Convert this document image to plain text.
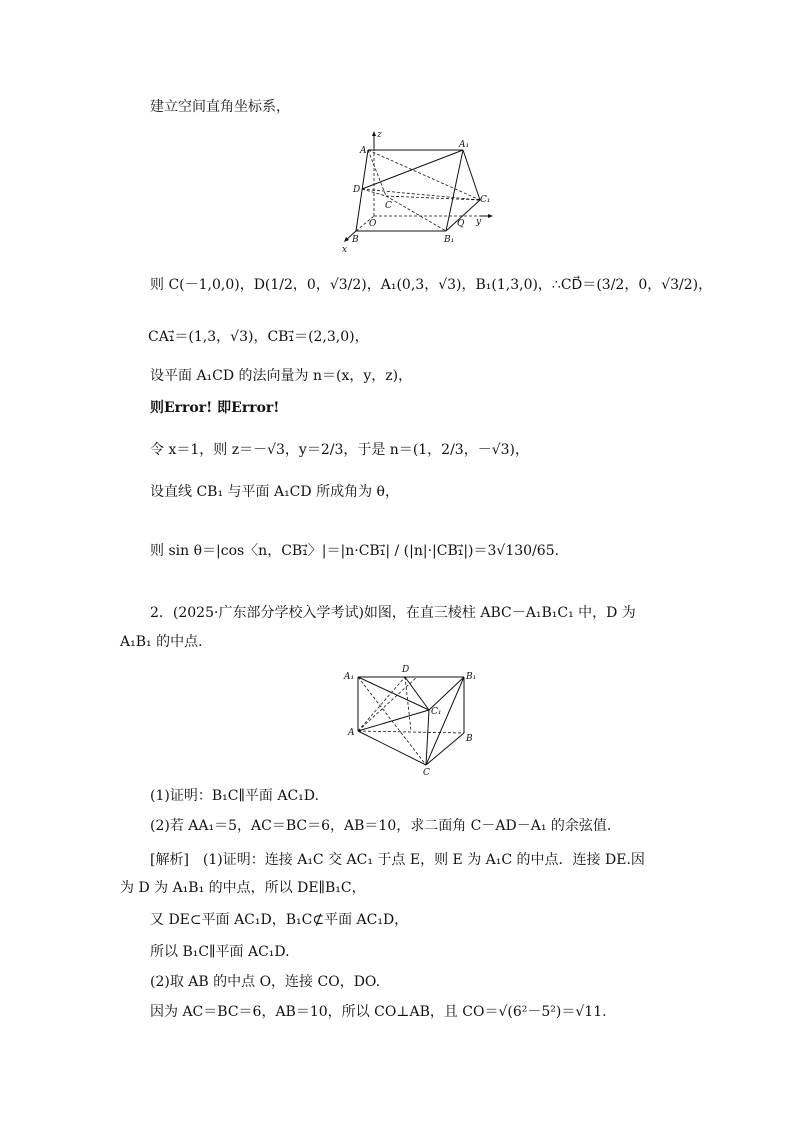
建立空间直角坐标系，
z
A
A₁
D
C
C₁
O	Q y
B	B₁
x
则 C(－1,0,0)，D(1/2，0，√3/2)，A₁(0,3，√3)，B₁(1,3,0)，∴CD⃗＝(3/2，0，√3/2)，
CA₁⃗＝(1,3，√3)，CB₁⃗＝(2,3,0)，
设平面 A₁CD 的法向量为 n＝(x，y，z)，
则Error! 即Error!
令 x＝1，则 z＝－√3，y＝2/3，于是 n＝(1，2/3，－√3)，
设直线 CB₁ 与平面 A₁CD 所成角为 θ，
则 sin θ＝|cos〈n，CB₁⃗〉|＝|n·CB₁⃗| / (|n|·|CB₁⃗|)＝3√130/65.
2．(2025·广东部分学校入学考试)如图，在直三棱柱 ABC－A₁B₁C₁ 中，D 为
A₁B₁ 的中点．
A₁
D
B₁
C₁
A
B
C
(1)证明：B₁C∥平面 AC₁D.
(2)若 AA₁＝5，AC＝BC＝6，AB＝10，求二面角 C－AD－A₁ 的余弦值．
[解析]　(1)证明：连接 A₁C 交 AC₁ 于点 E，则 E 为 A₁C 的中点．连接 DE.因
为 D 为 A₁B₁ 的中点，所以 DE∥B₁C，
又 DE⊂平面 AC₁D，B₁C⊄平面 AC₁D，
所以 B₁C∥平面 AC₁D.
(2)取 AB 的中点 O，连接 CO，DO.
因为 AC＝BC＝6，AB＝10，所以 CO⊥AB，且 CO＝√(6²－5²)＝√11.
